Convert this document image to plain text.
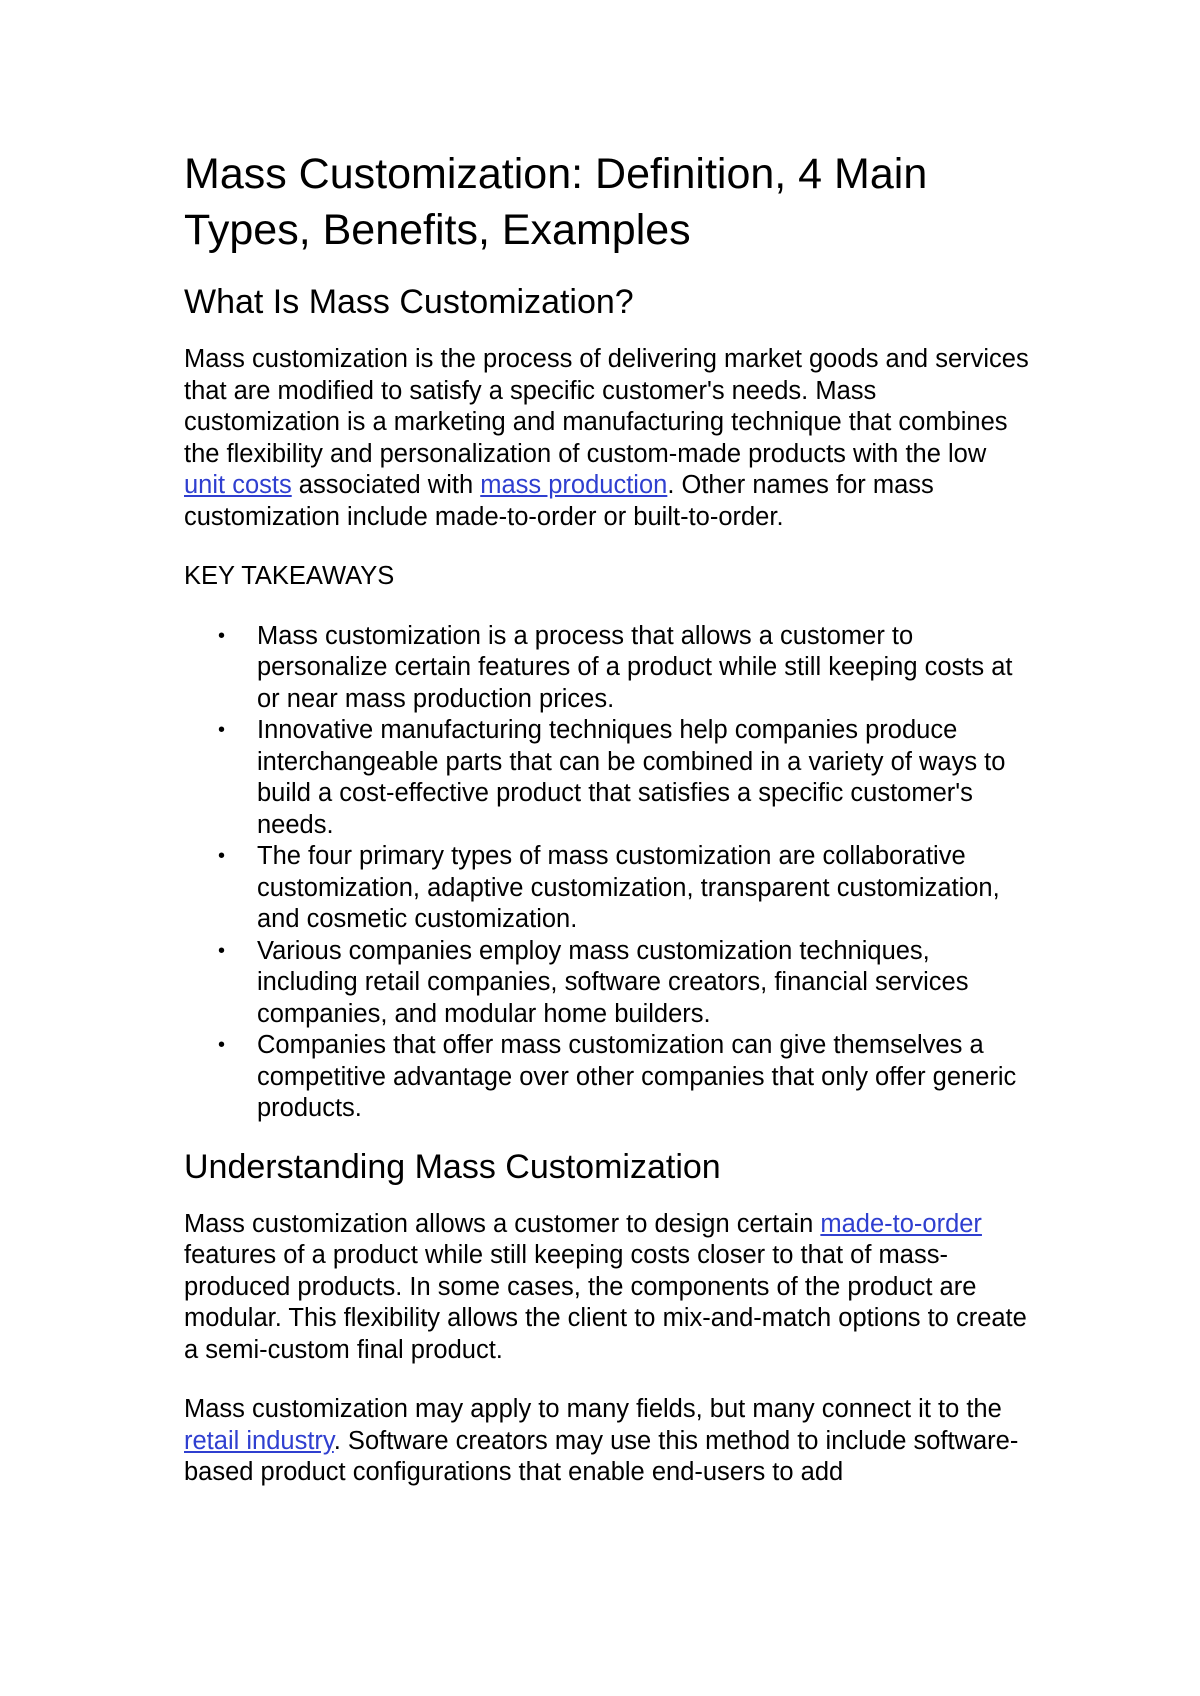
Mass Customization: Definition, 4 Main Types, Benefits, Examples
What Is Mass Customization?

Mass customization is the process of delivering market goods and services that are modified to satisfy a specific customer's needs. Mass customization is a marketing and manufacturing technique that combines the flexibility and personalization of custom-made products with the low unit costs associated with mass production. Other names for mass customization include made-to-order or built-to-order.

KEY TAKEAWAYS
• Mass customization is a process that allows a customer to personalize certain features of a product while still keeping costs at or near mass production prices.
• Innovative manufacturing techniques help companies produce interchangeable parts that can be combined in a variety of ways to build a cost-effective product that satisfies a specific customer's needs.
• The four primary types of mass customization are collaborative customization, adaptive customization, transparent customization, and cosmetic customization.
• Various companies employ mass customization techniques, including retail companies, software creators, financial services companies, and modular home builders.
• Companies that offer mass customization can give themselves a competitive advantage over other companies that only offer generic products.
Understanding Mass Customization

Mass customization allows a customer to design certain made-to-order features of a product while still keeping costs closer to that of mass-produced products. In some cases, the components of the product are modular. This flexibility allows the client to mix-and-match options to create a semi-custom final product.

Mass customization may apply to many fields, but many connect it to the retail industry. Software creators may use this method to include software-based product configurations that enable end-users to add
